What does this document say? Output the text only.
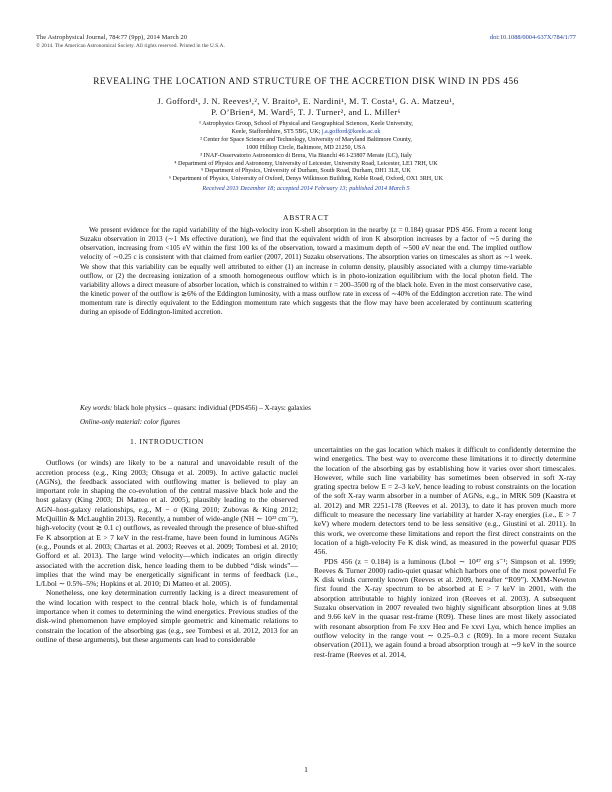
The Astrophysical Journal, 784:77 (9pp), 2014 March 20
© 2014. The American Astronomical Society. All rights reserved. Printed in the U.S.A.
doi:10.1088/0004-637X/784/1/77
REVEALING THE LOCATION AND STRUCTURE OF THE ACCRETION DISK WIND IN PDS 456
J. Gofford¹, J. N. Reeves¹,², V. Braito³, E. Nardini¹, M. T. Costa¹, G. A. Matzeu¹,
P. O’Brien⁴, M. Ward⁵, T. J. Turner², and L. Miller⁶
¹ Astrophysics Group, School of Physical and Geographical Sciences, Keele University,
Keele, Staffordshire, ST5 5BG, UK; j.a.gofford@keele.ac.uk
² Center for Space Science and Technology, University of Maryland Baltimore County,
1000 Hilltop Circle, Baltimore, MD 21250, USA
³ INAF-Osservatorio Astronomico di Brera, Via Bianchi 46 I-23807 Merate (LC), Italy
⁴ Department of Physics and Astronomy, University of Leicester, University Road, Leicester, LE1 7RH, UK
⁵ Department of Physics, University of Durham, South Road, Durham, DH1 3LE, UK
⁶ Department of Physics, University of Oxford, Denys Wilkinson Building, Keble Road, Oxford, OX1 3RH, UK
Received 2013 December 18; accepted 2014 February 13; published 2014 March 5
ABSTRACT
We present evidence for the rapid variability of the high-velocity iron K-shell absorption in the nearby (z = 0.184) quasar PDS 456. From a recent long Suzaku observation in 2013 (∼1 Ms effective duration), we find that the equivalent width of iron K absorption increases by a factor of ∼5 during the observation, increasing from <105 eV within the first 100 ks of the observation, toward a maximum depth of ∼500 eV near the end. The implied outflow velocity of ∼0.25 c is consistent with that claimed from earlier (2007, 2011) Suzaku observations. The absorption varies on timescales as short as ∼1 week. We show that this variability can be equally well attributed to either (1) an increase in column density, plausibly associated with a clumpy time-variable outflow, or (2) the decreasing ionization of a smooth homogeneous outflow which is in photo-ionization equilibrium with the local photon field. The variability allows a direct measure of absorber location, which is constrained to within r = 200–3500 rg of the black hole. Even in the most conservative case, the kinetic power of the outflow is ≳6% of the Eddington luminosity, with a mass outflow rate in excess of ∼40% of the Eddington accretion rate. The wind momentum rate is directly equivalent to the Eddington momentum rate which suggests that the flow may have been accelerated by continuum scattering during an episode of Eddington-limited accretion.
Key words: black hole physics – quasars: individual (PDS456) – X-rays: galaxies
Online-only material: color figures
1. INTRODUCTION

Outflows (or winds) are likely to be a natural and unavoidable result of the accretion process (e.g., King 2003; Ohsuga et al. 2009). In active galactic nuclei (AGNs), the feedback associated with outflowing matter is believed to play an important role in shaping the co-evolution of the central massive black hole and the host galaxy (King 2003; Di Matteo et al. 2005), plausibly leading to the observed AGN–host-galaxy relationships, e.g., M − σ (King 2010; Zubovas & King 2012; McQuillin & McLaughlin 2013). Recently, a number of wide-angle (NH ∼ 10²³ cm⁻²), high-velocity (vout ≳ 0.1 c) outflows, as revealed through the presence of blue-shifted Fe K absorption at E > 7 keV in the rest-frame, have been found in luminous AGNs (e.g., Pounds et al. 2003; Chartas et al. 2003; Reeves et al. 2009; Tombesi et al. 2010; Gofford et al. 2013). The large wind velocity—which indicates an origin directly associated with the accretion disk, hence leading them to be dubbed “disk winds”—implies that the wind may be energetically significant in terms of feedback (i.e., L/Lbol ∼ 0.5%–5%; Hopkins et al. 2010; Di Matteo et al. 2005).

Nonetheless, one key determination currently lacking is a direct measurement of the wind location with respect to the central black hole, which is of fundamental importance when it comes to determining the wind energetics. Previous studies of the disk-wind phenomenon have employed simple geometric and kinematic relations to constrain the location of the absorbing gas (e.g., see Tombesi et al. 2012, 2013 for an outline of these arguments), but these arguments can lead to considerable

uncertainties on the gas location which makes it difficult to confidently determine the wind energetics. The best way to overcome these limitations it to directly determine the location of the absorbing gas by establishing how it varies over short timescales. However, while such line variability has sometimes been observed in soft X-ray grating spectra below E = 2–3 keV, hence leading to robust constraints on the location of the soft X-ray warm absorber in a number of AGNs, e.g., in MRK 509 (Kaastra et al. 2012) and MR 2251-178 (Reeves et al. 2013), to date it has proven much more difficult to measure the necessary line variability at harder X-ray energies (i.e., E > 7 keV) where modern detectors tend to be less sensitive (e.g., Giustini et al. 2011). In this work, we overcome these limitations and report the first direct constraints on the location of a high-velocity Fe K disk wind, as measured in the powerful quasar PDS 456.

PDS 456 (z = 0.184) is a luminous (Lbol ∼ 10⁴⁷ erg s⁻¹; Simpson et al. 1999; Reeves & Turner 2000) radio-quiet quasar which harbors one of the most powerful Fe K disk winds currently known (Reeves et al. 2009, hereafter “R09”). XMM-Newton first found the X-ray spectrum to be absorbed at E > 7 keV in 2001, with the absorption attributable to highly ionized iron (Reeves et al. 2003). A subsequent Suzaku observation in 2007 revealed two highly significant absorption lines at 9.08 and 9.66 keV in the quasar rest-frame (R09). These lines are most likely associated with resonant absorption from Fe xxv Heα and Fe xxvi Lyα, which hence implies an outflow velocity in the range vout ∼ 0.25–0.3 c (R09). In a more recent Suzaku observation (2011), we again found a broad absorption trough at ∼9 keV in the source rest-frame (Reeves et al. 2014,

1
